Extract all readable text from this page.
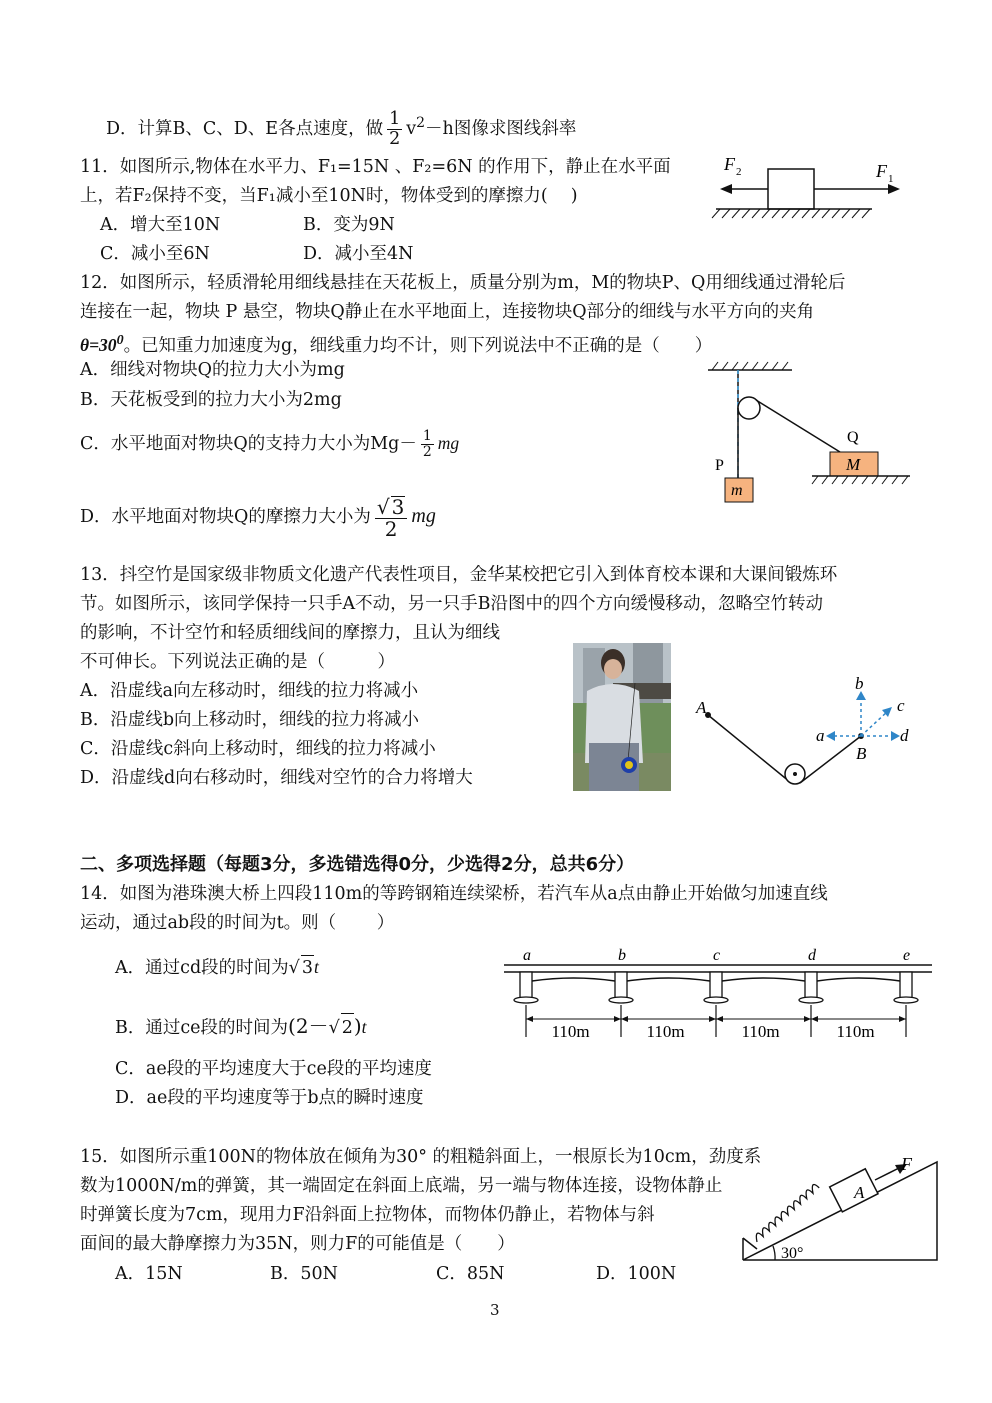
D．计算B、C、D、E各点速度，做 $\frac{1}{2} v^2-h$图像求图线斜率
11．如图所示,物体在水平力、F₁=15N 、F₂=6N 的作用下，静止在水平面
上，若F₂保持不变，当F₁减小至10N时，物体受到的摩擦力(　 )
A．增大至10N	B．变为9N
C．减小至6N	D．减小至4N
F 2	F 1
12．如图所示，轻质滑轮用细线悬挂在天花板上，质量分别为m，M的物块P、Q用细线通过滑轮后
连接在一起，物块 P 悬空，物块Q静止在水平地面上，连接物块Q部分的细线与水平方向的夹角
$\theta=30^0$。已知重力加速度为g，细线重力均不计，则下列说法中不正确的是（　　）
A．细线对物块Q的拉力大小为mg
B．天花板受到的拉力大小为2mg
C．水平地面对物块Q的支持力大小为$Mg- \frac{1}{2}$ mg
D．水平地面对物块Q的摩擦力大小为 $\frac{√ 3}{2}$ mg
m
P	M
Q
13．抖空竹是国家级非物质文化遗产代表性项目，金华某校把它引入到体育校本课和大课间锻炼环
节。如图所示，该同学保持一只手A不动，另一只手B沿图中的四个方向缓慢移动，忽略空竹转动
的影响，不计空竹和轻质细线间的摩擦力，且认为细线
不可伸长。下列说法正确的是（　　　）
A．沿虚线a向左移动时，细线的拉力将减小
B．沿虚线b向上移动时，细线的拉力将减小
C．沿虚线c斜向上移动时，细线的拉力将减小
D．沿虚线d向右移动时，细线对空竹的合力将增大
A
B
b
a	d
c
二、多项选择题（每题3分，多选错选得0分，少选得2分，总共6分）
14．如图为港珠澳大桥上四段110m的等跨钢箱连续梁桥，若汽车从a点由静止开始做匀加速直线
运动，通过ab段的时间为t。则（　　 ）
A．通过cd段的时间为√ 3t
B．通过ce段的时间为(2－√ 2)t
C．ae段的平均速度大于ce段的平均速度
D．ae段的平均速度等于b点的瞬时速度
a	b	c	d	e
110m	110m	110m	110m
15．如图所示重100N的物体放在倾角为30° 的粗糙斜面上，一根原长为10cm，劲度系
数为1000N/m的弹簧，其一端固定在斜面上底端，另一端与物体连接，设物体静止
时弹簧长度为7cm，现用力F沿斜面上拉物体，而物体仍静止，若物体与斜
面间的最大静摩擦力为35N，则力F的可能值是（　　）
A．15N	B．50N	C．85N	D．100N
A
F
30°
3
